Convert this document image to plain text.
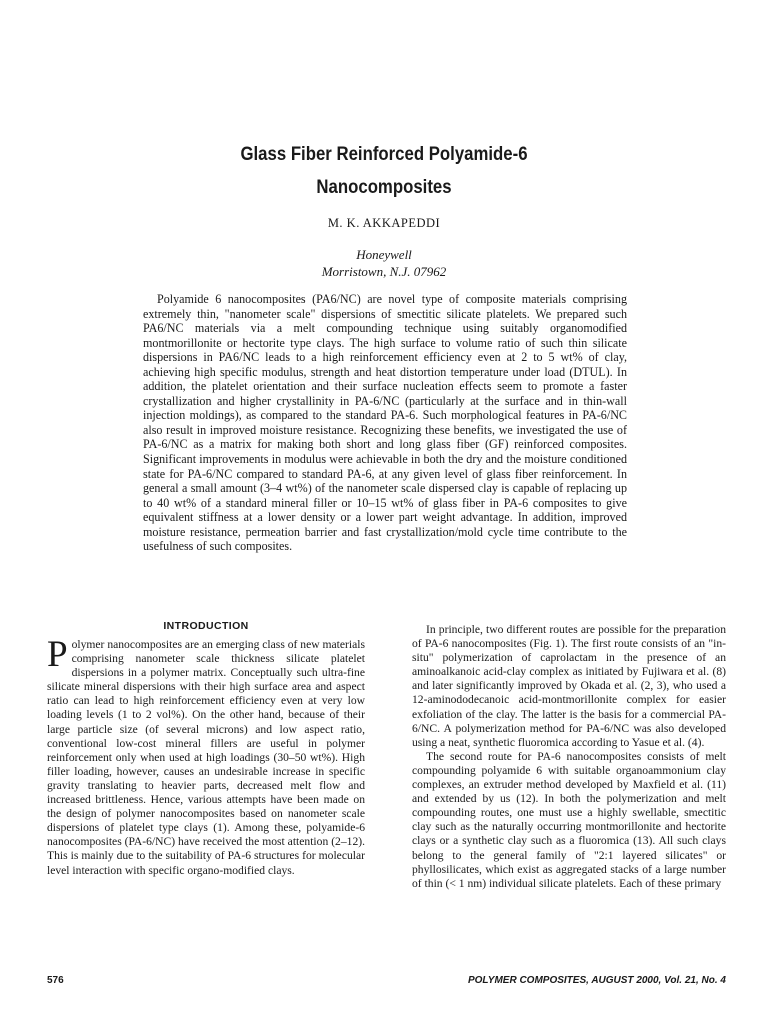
Glass Fiber Reinforced Polyamide-6
Nanocomposites
M. K. AKKAPEDDI
Honeywell
Morristown, N.J. 07962

Polyamide 6 nanocomposites (PA6/NC) are novel type of composite materials comprising extremely thin, "nanometer scale" dispersions of smectitic silicate platelets. We prepared such PA6/NC materials via a melt compounding technique using suitably organomodified montmorillonite or hectorite type clays. The high surface to volume ratio of such thin silicate dispersions in PA6/NC leads to a high reinforcement efficiency even at 2 to 5 wt% of clay, achieving high specific modulus, strength and heat distortion temperature under load (DTUL). In addition, the platelet orientation and their surface nucleation effects seem to promote a faster crystallization and higher crystallinity in PA-6/NC (particularly at the surface and in thin-wall injection moldings), as compared to the standard PA-6. Such morphological features in PA-6/NC also result in improved moisture resistance. Recognizing these benefits, we investigated the use of PA-6/NC as a matrix for making both short and long glass fiber (GF) reinforced composites. Significant improvements in modulus were achievable in both the dry and the moisture conditioned state for PA-6/NC compared to standard PA-6, at any given level of glass fiber reinforcement. In general a small amount (3–4 wt%) of the nanometer scale dispersed clay is capable of replacing up to 40 wt% of a standard mineral filler or 10–15 wt% of glass fiber in PA-6 composites to give equivalent stiffness at a lower density or a lower part weight advantage. In addition, improved moisture resistance, permeation barrier and fast crystallization/mold cycle time contribute to the usefulness of such composites.

INTRODUCTION

Polymer nanocomposites are an emerging class of new materials comprising nanometer scale thickness silicate platelet dispersions in a polymer matrix. Conceptually such ultra-fine silicate mineral dispersions with their high surface area and aspect ratio can lead to high reinforcement efficiency even at very low loading levels (1 to 2 vol%). On the other hand, because of their large particle size (of several microns) and low aspect ratio, conventional low-cost mineral fillers are useful in polymer reinforcement only when used at high loadings (30–50 wt%). High filler loading, however, causes an undesirable increase in specific gravity translating to heavier parts, decreased melt flow and increased brittleness. Hence, various attempts have been made on the design of polymer nanocomposites based on nanometer scale dispersions of platelet type clays (1). Among these, polyamide-6 nanocomposites (PA-6/NC) have received the most attention (2–12). This is mainly due to the suitability of PA-6 structures for molecular level interaction with specific organo-modified clays.

In principle, two different routes are possible for the preparation of PA-6 nanocomposites (Fig. 1). The first route consists of an "in-situ" polymerization of caprolactam in the presence of an aminoalkanoic acid-clay complex as initiated by Fujiwara et al. (8) and later significantly improved by Okada et al. (2, 3), who used a 12-aminododecanoic acid-montmorillonite complex for easier exfoliation of the clay. The latter is the basis for a commercial PA-6/NC. A polymerization method for PA-6/NC was also developed using a neat, synthetic fluoromica according to Yasue et al. (4).

The second route for PA-6 nanocomposites consists of melt compounding polyamide 6 with suitable organoammonium clay complexes, an extruder method developed by Maxfield et al. (11) and extended by us (12). In both the polymerization and melt compounding routes, one must use a highly swellable, smectitic clay such as the naturally occurring montmorillonite and hectorite clays or a synthetic clay such as a fluoromica (13). All such clays belong to the general family of "2:1 layered silicates" or phyllosilicates, which exist as aggregated stacks of a large number of thin (< 1 nm) individual silicate platelets. Each of these primary

576	POLYMER COMPOSITES, AUGUST 2000, Vol. 21, No. 4
